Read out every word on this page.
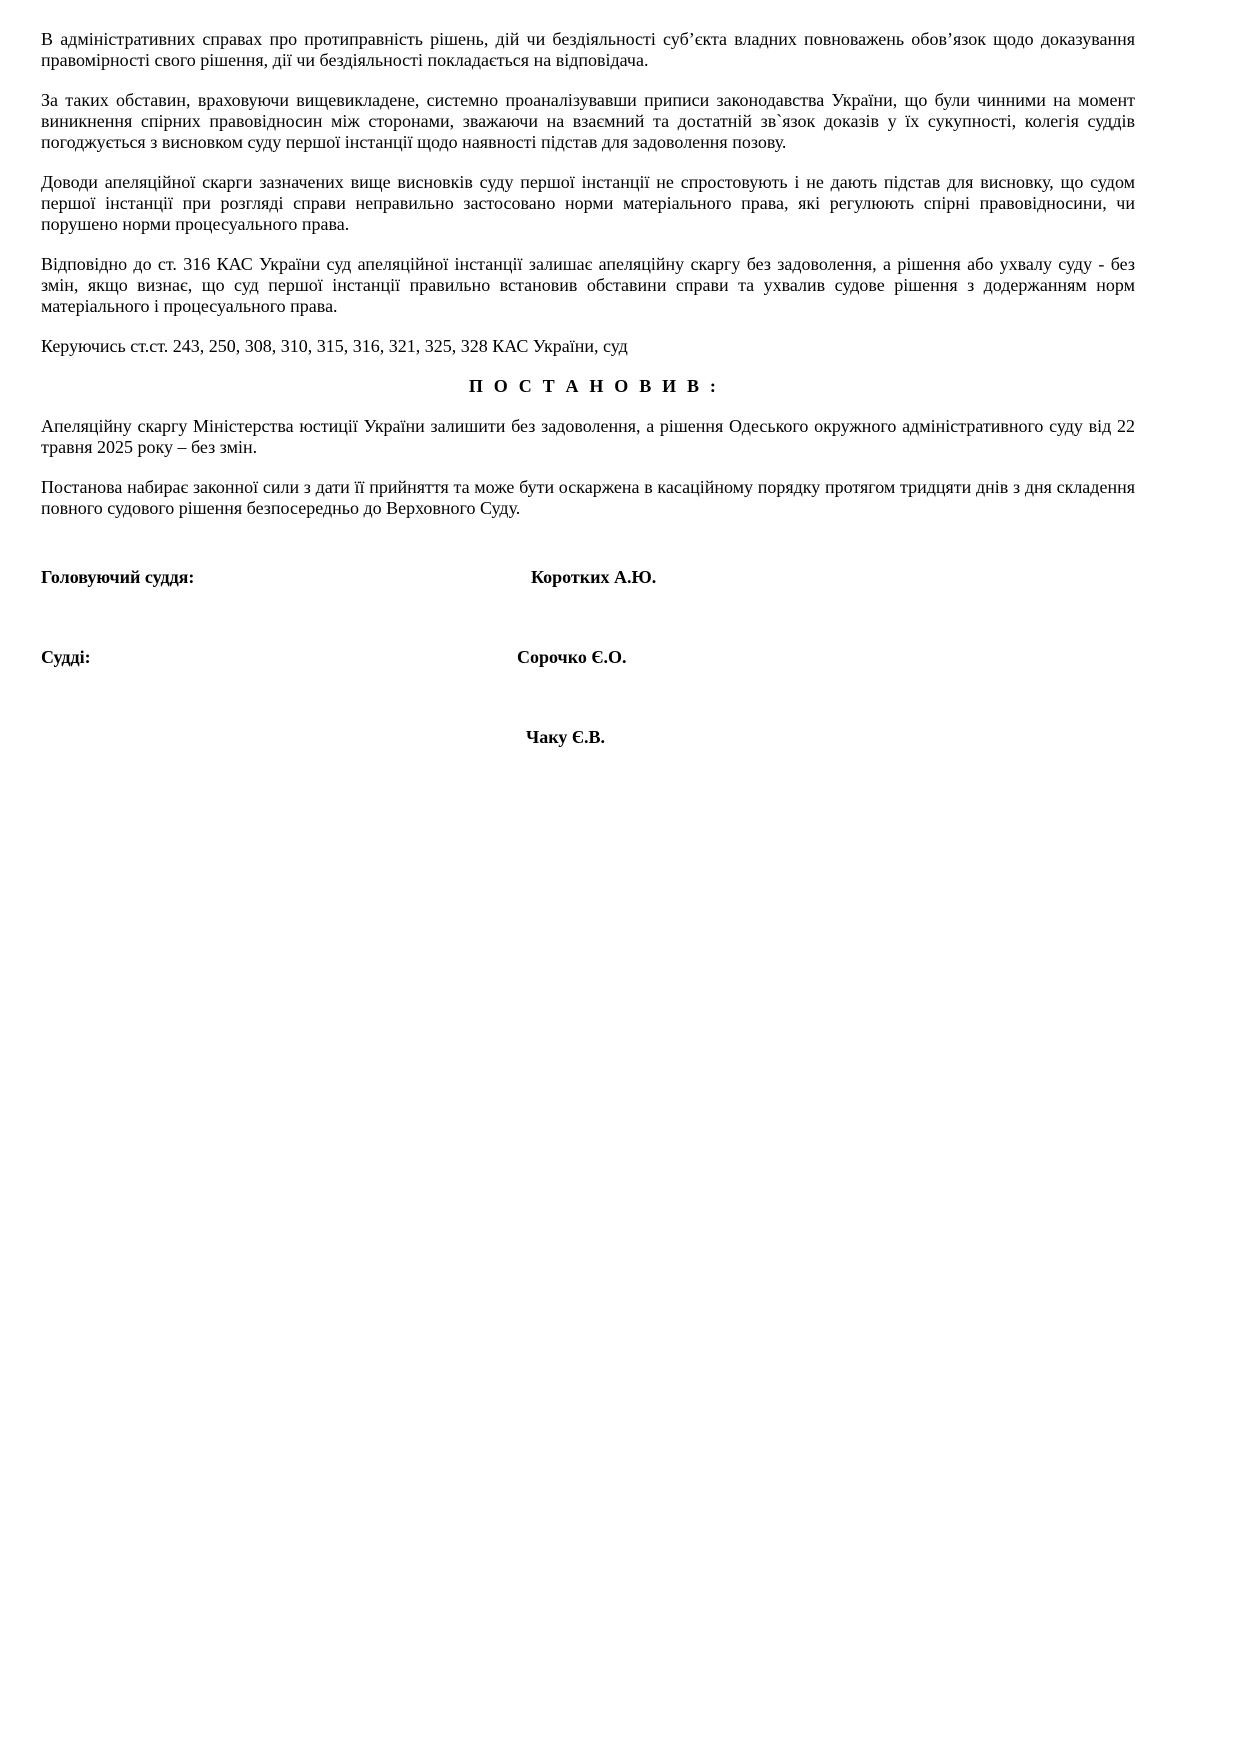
В адміністративних справах про протиправність рішень, дій чи бездіяльності суб’єкта владних повноважень обов’язок щодо доказування правомірності свого рішення, дії чи бездіяльності покладається на відповідача.

За таких обставин, враховуючи вищевикладене, системно проаналізувавши приписи законодавства України, що були чинними на момент виникнення спірних правовідносин між сторонами, зважаючи на взаємний та достатній зв`язок доказів у їх сукупності, колегія суддів погоджується з висновком суду першої інстанції щодо наявності підстав для задоволення позову.

Доводи апеляційної скарги зазначених вище висновків суду першої інстанції не спростовують і не дають підстав для висновку, що судом першої інстанції при розгляді справи неправильно застосовано норми матеріального права, які регулюють спірні правовідносини, чи порушено норми процесуального права.

Відповідно до ст. 316 КАС України суд апеляційної інстанції залишає апеляційну скаргу без задоволення, а рішення або ухвалу суду - без змін, якщо визнає, що суд першої інстанції правильно встановив обставини справи та ухвалив судове рішення з додержанням норм матеріального і процесуального права.

Керуючись ст.ст. 243, 250, 308, 310, 315, 316, 321, 325, 328 КАС України, суд

П О С Т А Н О В И В :

Апеляційну скаргу Міністерства юстиції України залишити без задоволення, а рішення Одеського окружного адміністративного суду від 22 травня 2025 року – без змін.

Постанова набирає законної сили з дати її прийняття та може бути оскаржена в касаційному порядку протягом тридцяти днів з дня складення повного судового рішення безпосередньо до Верховного Суду.

Головуючий суддя:	Коротких А.Ю.
Судді:	Сорочко Є.О.
Чаку Є.В.
